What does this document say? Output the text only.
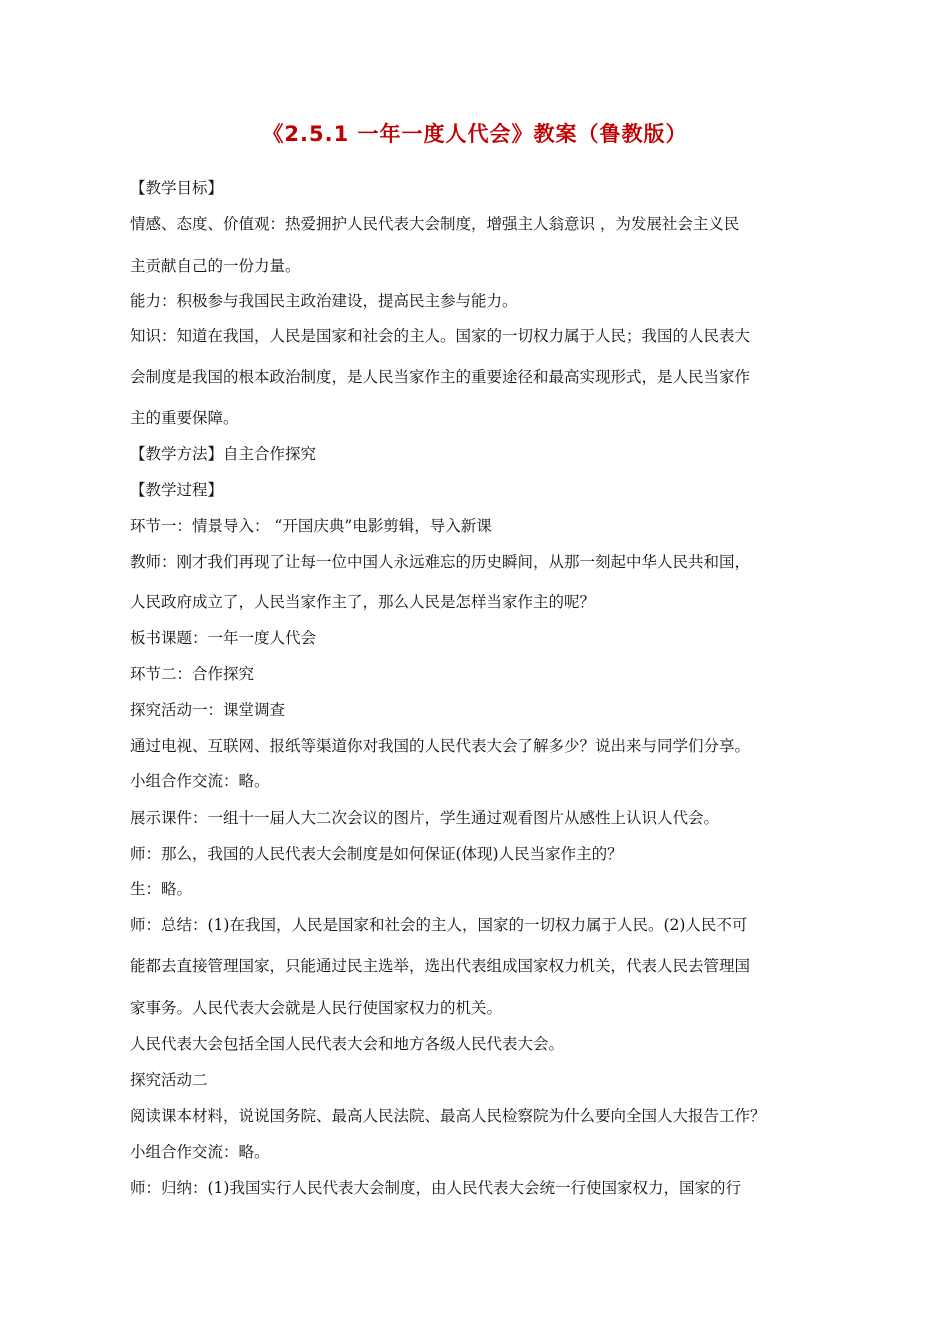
《2.5.1 一年一度人代会》教案（鲁教版）
【教学目标】
情感、态度、价值观：热爱拥护人民代表大会制度，增强主人翁意识 ，为发展社会主义民
主贡献自己的一份力量。
能力：积极参与我国民主政治建设，提高民主参与能力。
知识：知道在我国，人民是国家和社会的主人。国家的一切权力属于人民；我国的人民表大
会制度是我国的根本政治制度，是人民当家作主的重要途径和最高实现形式，是人民当家作
主的重要保障。
【教学方法】自主合作探究
【教学过程】
环节一：情景导入： “开国庆典”电影剪辑，导入新课
教师：刚才我们再现了让每一位中国人永远难忘的历史瞬间，从那一刻起中华人民共和国，
人民政府成立了，人民当家作主了，那么人民是怎样当家作主的呢？
板书课题：一年一度人代会
环节二：合作探究
探究活动一：课堂调查
通过电视、互联网、报纸等渠道你对我国的人民代表大会了解多少？说出来与同学们分享。
小组合作交流：略。
展示课件：一组十一届人大二次会议的图片，学生通过观看图片从感性上认识人代会。
师：那么，我国的人民代表大会制度是如何保证(体现)人民当家作主的？
生：略。
师：总结：(1)在我国，人民是国家和社会的主人，国家的一切权力属于人民。(2)人民不可
能都去直接管理国家，只能通过民主选举，选出代表组成国家权力机关，代表人民去管理国
家事务。人民代表大会就是人民行使国家权力的机关。
人民代表大会包括全国人民代表大会和地方各级人民代表大会。
探究活动二
阅读课本材料，说说国务院、最高人民法院、最高人民检察院为什么要向全国人大报告工作？
小组合作交流：略。
师：归纳：(1)我国实行人民代表大会制度，由人民代表大会统一行使国家权力，国家的行
